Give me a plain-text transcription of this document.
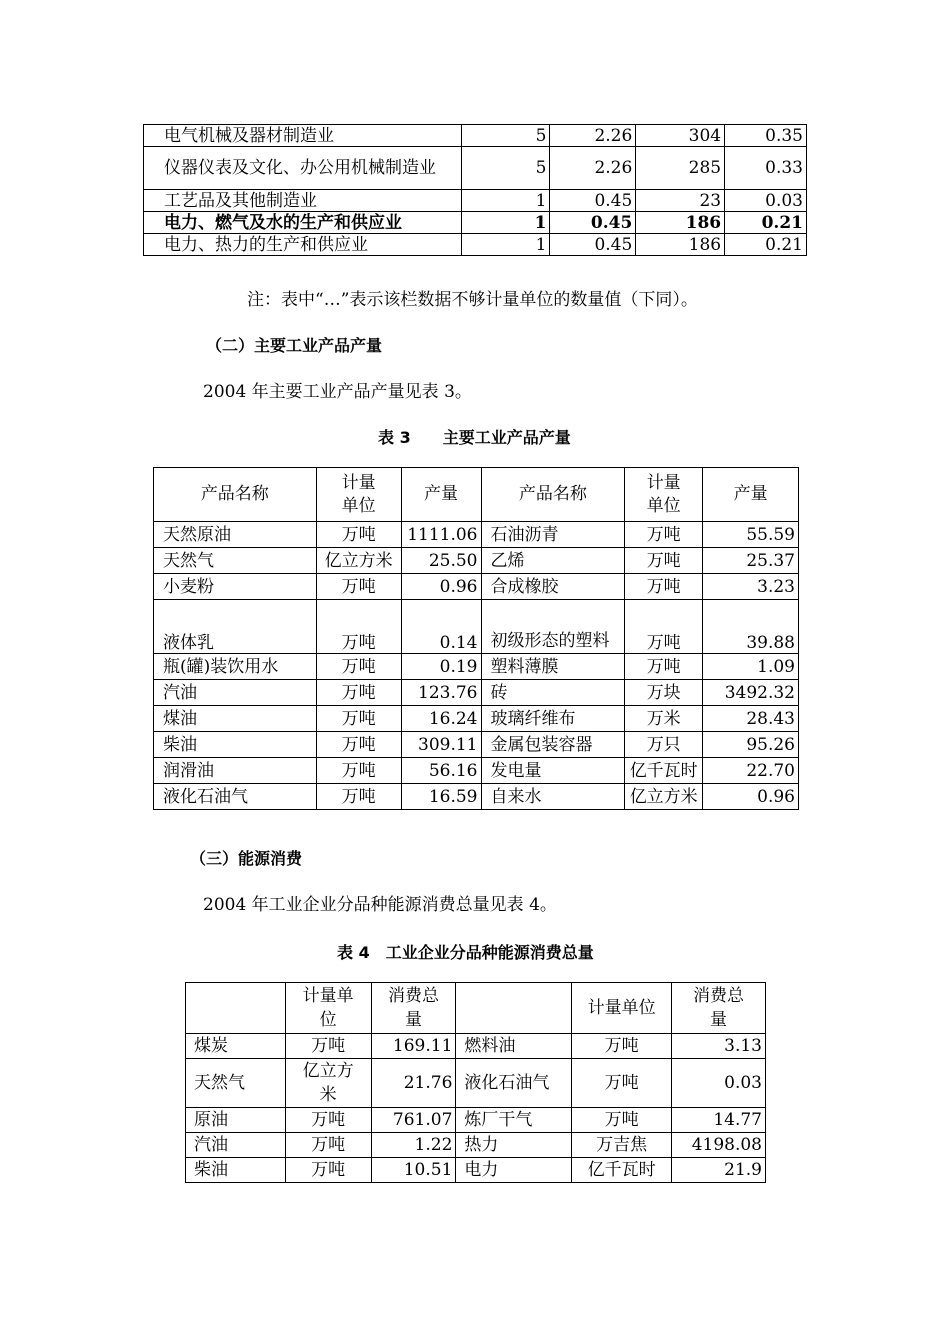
电气机械及器材制造业	5	2.26	304	0.35
仪器仪表及文化、办公用机械制造业	5	2.26	285	0.33
工艺品及其他制造业	1	0.45	23	0.03
电力、燃气及水的生产和供应业	1	0.45	186	0.21
电力、热力的生产和供应业	1	0.45	186	0.21
注：表中“…”表示该栏数据不够计量单位的数量值（下同）。
（二）主要工业产品产量
2004 年主要工业产品产量见表 3。
表 3　　主要工业产品产量
产品名称	计量单位	产量	产品名称	计量单位	产量
天然原油	万吨	1111.06	石油沥青	万吨	55.59
天然气	亿立方米	25.50	乙烯	万吨	25.37
小麦粉	万吨	0.96	合成橡胶	万吨	3.23
液体乳	万吨	0.14	初级形态的塑料	万吨	39.88
瓶(罐)装饮用水	万吨	0.19	塑料薄膜	万吨	1.09
汽油	万吨	123.76	砖	万块	3492.32
煤油	万吨	16.24	玻璃纤维布	万米	28.43
柴油	万吨	309.11	金属包装容器	万只	95.26
润滑油	万吨	56.16	发电量	亿千瓦时	22.70
液化石油气	万吨	16.59	自来水	亿立方米	0.96
（三）能源消费
2004 年工业企业分品种能源消费总量见表 4。
表 4　工业企业分品种能源消费总量
	计量单位	消费总量		计量单位	消费总量
煤炭	万吨	169.11	燃料油	万吨	3.13
天然气	亿立方米	21.76	液化石油气	万吨	0.03
原油	万吨	761.07	炼厂干气	万吨	14.77
汽油	万吨	1.22	热力	万吉焦	4198.08
柴油	万吨	10.51	电力	亿千瓦时	21.9
